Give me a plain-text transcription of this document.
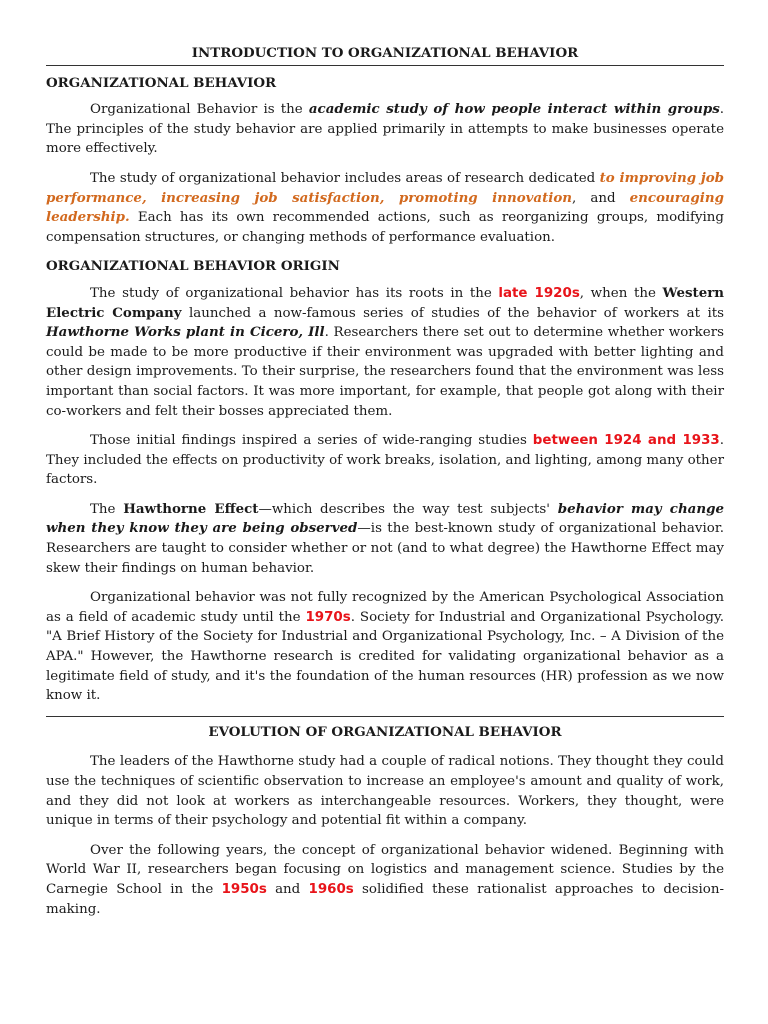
INTRODUCTION TO ORGANIZATIONAL BEHAVIOR
ORGANIZATIONAL BEHAVIOR

Organizational Behavior is the academic study of how people interact within groups. The principles of the study behavior are applied primarily in attempts to make businesses operate more effectively.

The study of organizational behavior includes areas of research dedicated to improving job performance, increasing job satisfaction, promoting innovation, and encouraging leadership. Each has its own recommended actions, such as reorganizing groups, modifying compensation structures, or changing methods of performance evaluation.

ORGANIZATIONAL BEHAVIOR ORIGIN

The study of organizational behavior has its roots in the late 1920s, when the Western Electric Company launched a now-famous series of studies of the behavior of workers at its Hawthorne Works plant in Cicero, Ill. Researchers there set out to determine whether workers could be made to be more productive if their environment was upgraded with better lighting and other design improvements. To their surprise, the researchers found that the environment was less important than social factors. It was more important, for example, that people got along with their co-workers and felt their bosses appreciated them.

Those initial findings inspired a series of wide-ranging studies between 1924 and 1933. They included the effects on productivity of work breaks, isolation, and lighting, among many other factors.

The Hawthorne Effect—which describes the way test subjects' behavior may change when they know they are being observed—is the best-known study of organizational behavior. Researchers are taught to consider whether or not (and to what degree) the Hawthorne Effect may skew their findings on human behavior.

Organizational behavior was not fully recognized by the American Psychological Association as a field of academic study until the 1970s. Society for Industrial and Organizational Psychology. "A Brief History of the Society for Industrial and Organizational Psychology, Inc. – A Division of the APA." However, the Hawthorne research is credited for validating organizational behavior as a legitimate field of study, and it's the foundation of the human resources (HR) profession as we now know it.

EVOLUTION OF ORGANIZATIONAL BEHAVIOR

The leaders of the Hawthorne study had a couple of radical notions. They thought they could use the techniques of scientific observation to increase an employee's amount and quality of work, and they did not look at workers as interchangeable resources. Workers, they thought, were unique in terms of their psychology and potential fit within a company.

Over the following years, the concept of organizational behavior widened. Beginning with World War II, researchers began focusing on logistics and management science. Studies by the Carnegie School in the 1950s and 1960s solidified these rationalist approaches to decision-making.
